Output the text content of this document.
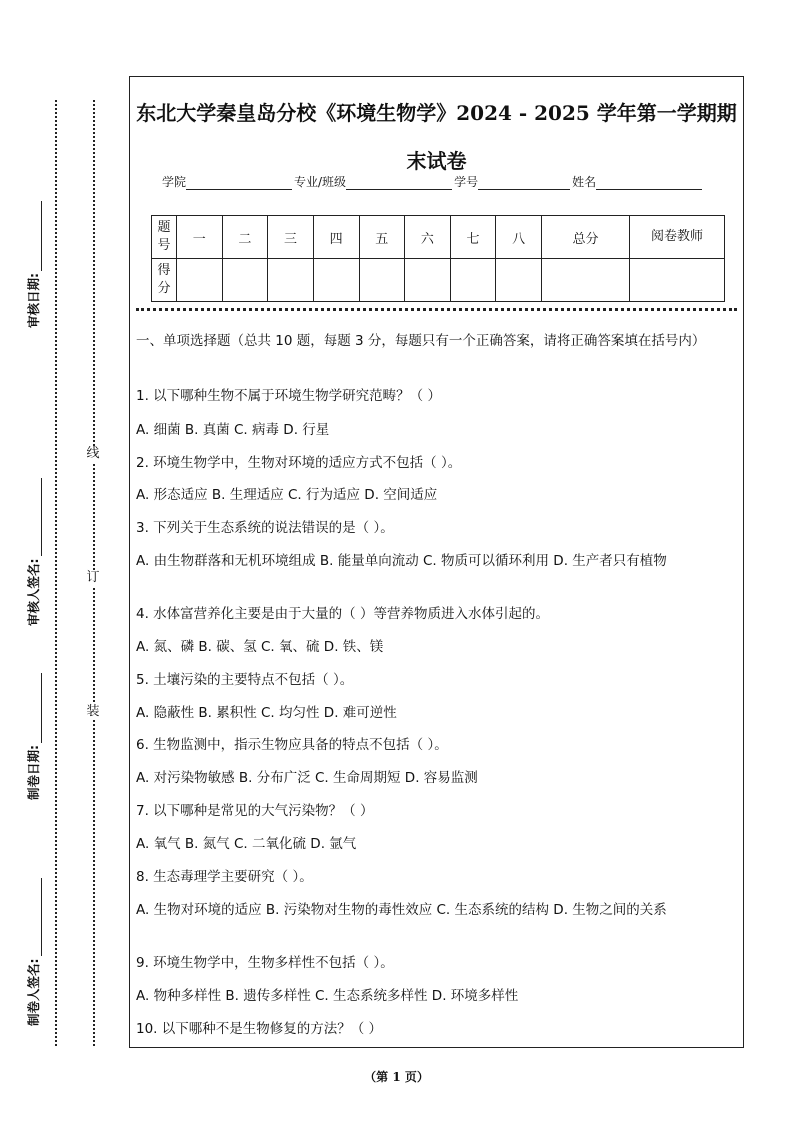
线
订
装
审核日期:
审核人签名:
制卷日期:
制卷人签名:
东北大学秦皇岛分校《环境生物学》2024 - 2025 学年第一学期期
末试卷
学院	专业/班级	学号	姓名
题号	一	二	三	四	五	六	七	八	总分	阅卷教师
得分										

一、单项选择题（总共 10 题，每题 3 分，每题只有一个正确答案，请将正确答案填在括号内）

1. 以下哪种生物不属于环境生物学研究范畴？（ ）

A. 细菌 B. 真菌 C. 病毒 D. 行星

2. 环境生物学中，生物对环境的适应方式不包括（ ）。

A. 形态适应 B. 生理适应 C. 行为适应 D. 空间适应

3. 下列关于生态系统的说法错误的是（ ）。

A. 由生物群落和无机环境组成 B. 能量单向流动 C. 物质可以循环利用 D. 生产者只有植物

4. 水体富营养化主要是由于大量的（ ）等营养物质进入水体引起的。

A. 氮、磷 B. 碳、氢 C. 氧、硫 D. 铁、镁

5. 土壤污染的主要特点不包括（ ）。

A. 隐蔽性 B. 累积性 C. 均匀性 D. 难可逆性

6. 生物监测中，指示生物应具备的特点不包括（ ）。

A. 对污染物敏感 B. 分布广泛 C. 生命周期短 D. 容易监测

7. 以下哪种是常见的大气污染物？（ ）

A. 氧气 B. 氮气 C. 二氧化硫 D. 氩气

8. 生态毒理学主要研究（ ）。

A. 生物对环境的适应 B. 污染物对生物的毒性效应 C. 生态系统的结构 D. 生物之间的关系

9. 环境生物学中，生物多样性不包括（ ）。

A. 物种多样性 B. 遗传多样性 C. 生态系统多样性 D. 环境多样性

10. 以下哪种不是生物修复的方法？（ ）

（第 1 页）
